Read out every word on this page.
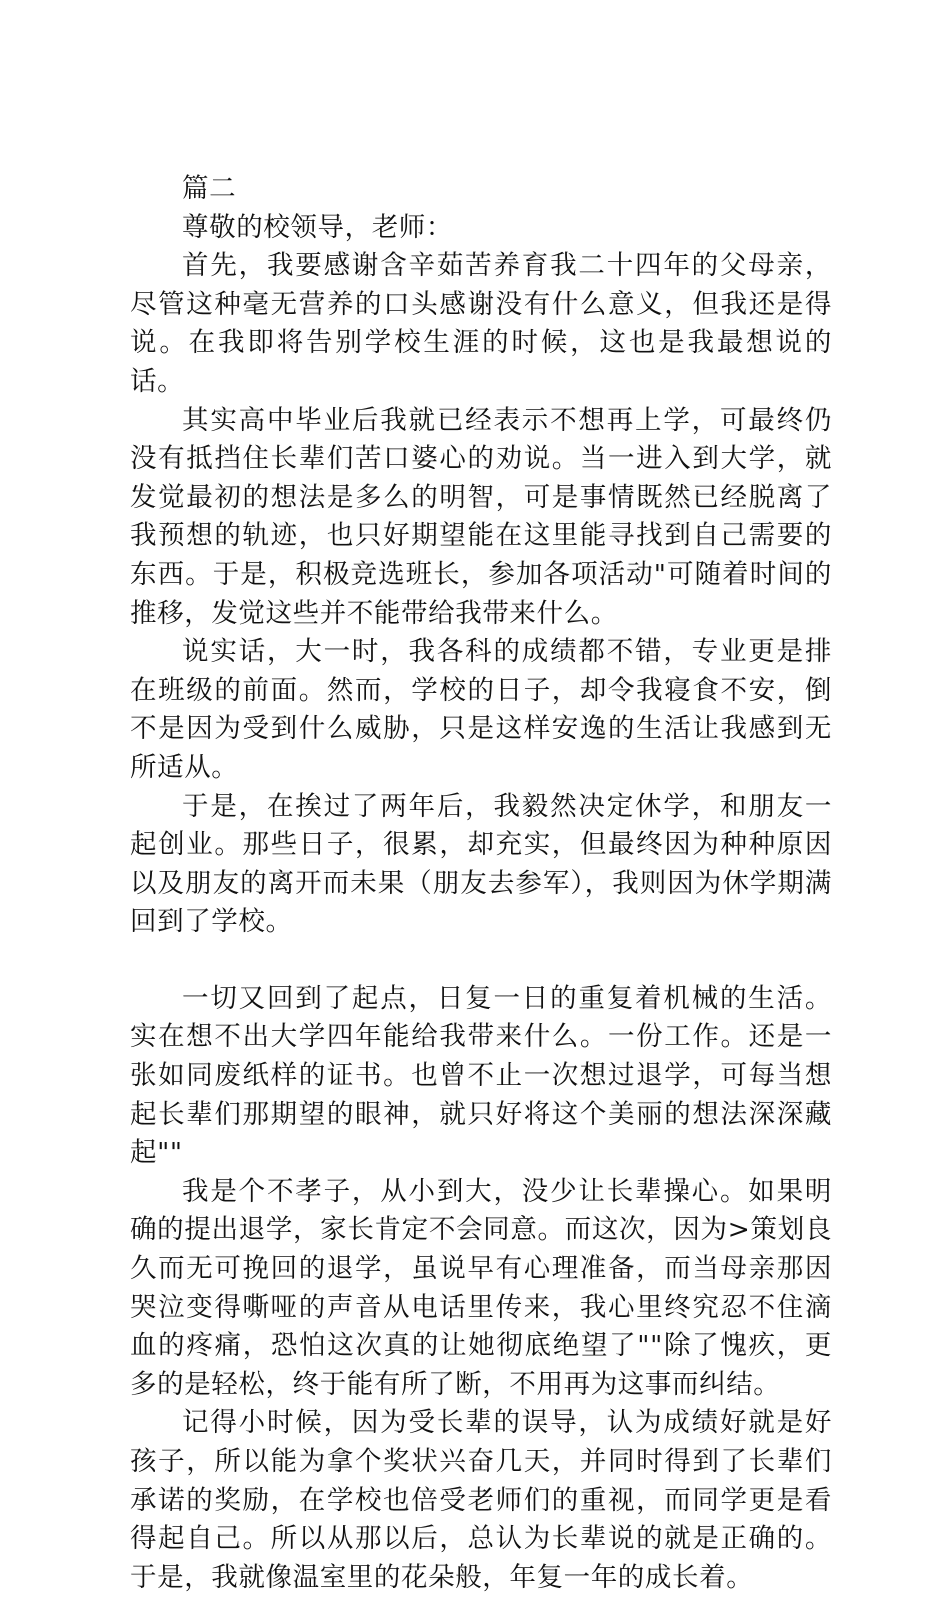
篇二

尊敬的校领导，老师：

首先，我要感谢含辛茹苦养育我二十四年的父母亲，尽管这种毫无营养的口头感谢没有什么意义，但我还是得说。在我即将告别学校生涯的时候，这也是我最想说的话。

其实高中毕业后我就已经表示不想再上学，可最终仍没有抵挡住长辈们苦口婆心的劝说。当一进入到大学，就发觉最初的想法是多么的明智，可是事情既然已经脱离了我预想的轨迹，也只好期望能在这里能寻找到自己需要的东西。于是，积极竞选班长，参加各项活动"可随着时间的推移，发觉这些并不能带给我带来什么。

说实话，大一时，我各科的成绩都不错，专业更是排在班级的前面。然而，学校的日子，却令我寝食不安，倒不是因为受到什么威胁，只是这样安逸的生活让我感到无所适从。

于是，在挨过了两年后，我毅然决定休学，和朋友一起创业。那些日子，很累，却充实，但最终因为种种原因以及朋友的离开而未果（朋友去参军），我则因为休学期满回到了学校。

一切又回到了起点，日复一日的重复着机械的生活。实在想不出大学四年能给我带来什么。一份工作。还是一张如同废纸样的证书。也曾不止一次想过退学，可每当想起长辈们那期望的眼神，就只好将这个美丽的想法深深藏起""

我是个不孝子，从小到大，没少让长辈操心。如果明确的提出退学，家长肯定不会同意。而这次，因为>策划良久而无可挽回的退学，虽说早有心理准备，而当母亲那因哭泣变得嘶哑的声音从电话里传来，我心里终究忍不住滴血的疼痛，恐怕这次真的让她彻底绝望了""除了愧疚，更多的是轻松，终于能有所了断，不用再为这事而纠结。

记得小时候，因为受长辈的误导，认为成绩好就是好孩子，所以能为拿个奖状兴奋几天，并同时得到了长辈们承诺的奖励，在学校也倍受老师们的重视，而同学更是看得起自己。所以从那以后，总认为长辈说的就是正确的。于是，我就像温室里的花朵般，年复一年的成长着。
